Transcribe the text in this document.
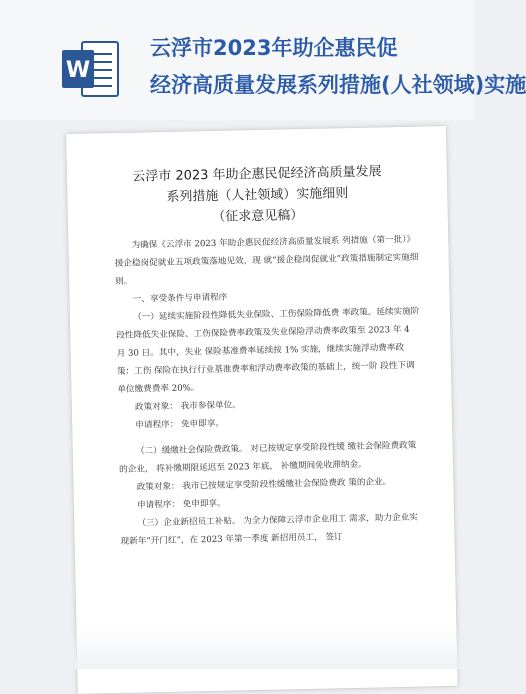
W
云浮市2023年助企惠民促
经济高质量发展系列措施(人社领域)实施
云浮市 2023 年助企惠民促经济高质量发展
系列措施（人社领域）实施细则
（征求意见稿）

为确保《云浮市 2023 年助企惠民促经济高质量发展系 列措施（第一批）》援企稳岗促就业五项政策落地见效，现 就“援企稳岗促就业”政策措施制定实施细则。

一、享受条件与申请程序

（一）延续实施阶段性降低失业保险、工伤保险降低费 率政策。延续实施阶段性降低失业保险、工伤保险费率政策及失业保险浮动费率政策至 2023 年 4 月 30 日。其中，失业 保险基准费率延续按 1% 实施，继续实施浮动费率政策：工伤 保险在执行行业基准费率和浮动费率政策的基础上，统一阶 段性下调单位缴费费率 20%。

政策对象： 我市参保单位。

申请程序： 免申即享。

（二）缓缴社会保险费政策。 对已按规定享受阶段性缓 缴社会保险费政策的企业， 将补缴期限延迟至 2023 年底， 补缴期间免收滞纳金。

政策对象： 我市已按规定享受阶段性缓缴社会保险费政 策的企业。

申请程序： 免申即享。

（三）企业新招员工补贴。 为全力保障云浮市企业用工 需求，助力企业实现新年“开门红”，在 2023 年第一季度 新招用员工， 签订
